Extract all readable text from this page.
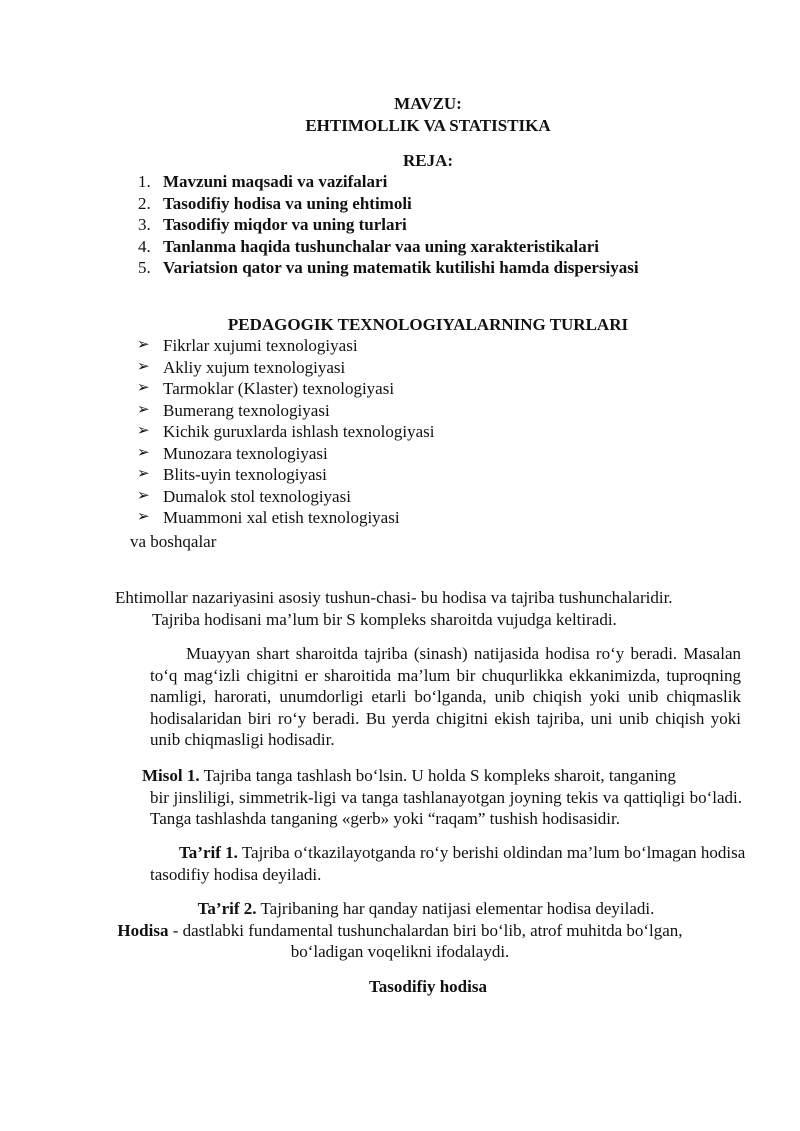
MAVZU:
EHTIMOLLIK VA STATISTIKA
REJA:
1. Mavzuni maqsadi va vazifalari
2. Tasodifiy hodisa va uning ehtimoli
3. Tasodifiy miqdor va uning turlari
4. Tanlanma haqida tushunchalar vaa uning xarakteristikalari
5. Variatsion qator va uning matematik kutilishi hamda dispersiyasi
PEDAGOGIK TEXNOLOGIYALARNING TURLARI
➢ Fikrlar xujumi texnologiyasi
➢ Akliy xujum texnologiyasi
➢ Tarmoklar (Klaster) texnologiyasi
➢ Bumerang texnologiyasi
➢ Kichik guruxlarda ishlash texnologiyasi
➢ Munozara texnologiyasi
➢ Blits-uyin texnologiyasi
➢ Dumalok stol texnologiyasi
➢ Muammoni xal etish texnologiyasi
va boshqalar
Ehtimollar nazariyasini asosiy tushun-chasi- bu hodisa va tajriba tushunchalaridir.
Tajriba hodisani ma’lum bir S kompleks sharoitda vujudga keltiradi.
Muayyan shart sharoitda tajriba (sinash) natijasida hodisa ro‘y beradi. Masalan to‘q mag‘izli chigitni er sharoitida ma’lum bir chuqurlikka ekkanimizda, tuproqning namligi, harorati, unumdorligi etarli bo‘lganda, unib chiqish yoki unib chiqmaslik hodisalaridan biri ro‘y beradi. Bu yerda chigitni ekish tajriba, uni unib chiqish yoki unib chiqmasligi hodisadir.
Misol 1. Tajriba tanga tashlash bo‘lsin. U holda S kompleks sharoit, tanganing
bir jinsliligi, simmetrik-ligi va tanga tashlanayotgan joyning tekis va qattiqligi bo‘ladi. Tanga tashlashda tanganing «gerb» yoki “raqam” tushish hodisasidir.
Ta’rif 1. Tajriba o‘tkazilayotganda ro‘y berishi oldindan ma’lum bo‘lmagan hodisa tasodifiy hodisa deyiladi.
Ta’rif 2. Tajribaning har qanday natijasi elementar hodisa deyiladi.
Hodisa - dastlabki fundamental tushunchalardan biri bo‘lib, atrof muhitda bo‘lgan,
bo‘ladigan voqelikni ifodalaydi.
Tasodifiy hodisa
